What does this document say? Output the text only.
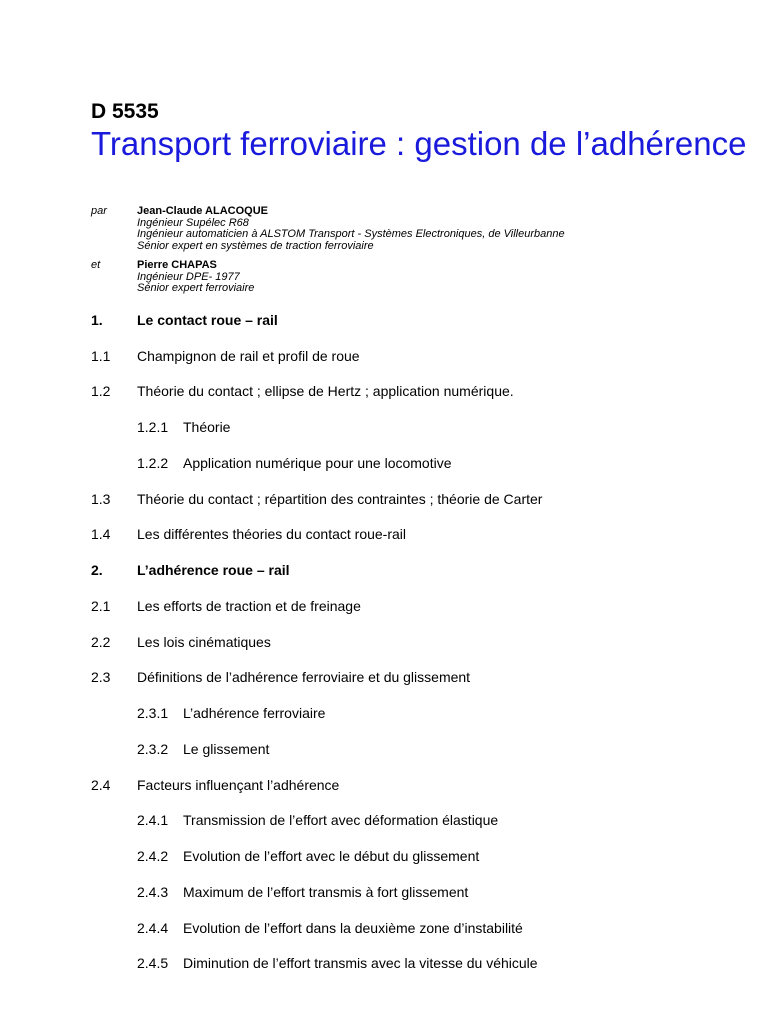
D 5535
Transport ferroviaire : gestion de l’adhérence
par	Jean-Claude ALACOQUE
Ingénieur Supélec R68
Ingénieur automaticien à ALSTOM Transport - Systèmes Electroniques, de Villeurbanne
Sénior expert en systèmes de traction ferroviaire
et	Pierre CHAPAS
Ingénieur DPE- 1977
Sénior expert ferroviaire
1.	Le contact roue – rail
1.1	Champignon de rail et profil de roue
1.2	Théorie du contact ; ellipse de Hertz ; application numérique.
1.2.1	Théorie
1.2.2	Application numérique pour une locomotive
1.3	Théorie du contact ; répartition des contraintes ; théorie de Carter
1.4	Les différentes théories du contact roue-rail
2.	L’adhérence roue – rail
2.1	Les efforts de traction et de freinage
2.2	Les lois cinématiques
2.3	Définitions de l’adhérence ferroviaire et du glissement
2.3.1	L’adhérence ferroviaire
2.3.2	Le glissement
2.4	Facteurs influençant l’adhérence
2.4.1	Transmission de l’effort avec déformation élastique
2.4.2	Evolution de l’effort avec le début du glissement
2.4.3	Maximum de l’effort transmis à fort glissement
2.4.4	Evolution de l’effort dans la deuxième zone d’instabilité
2.4.5	Diminution de l’effort transmis avec la vitesse du véhicule
